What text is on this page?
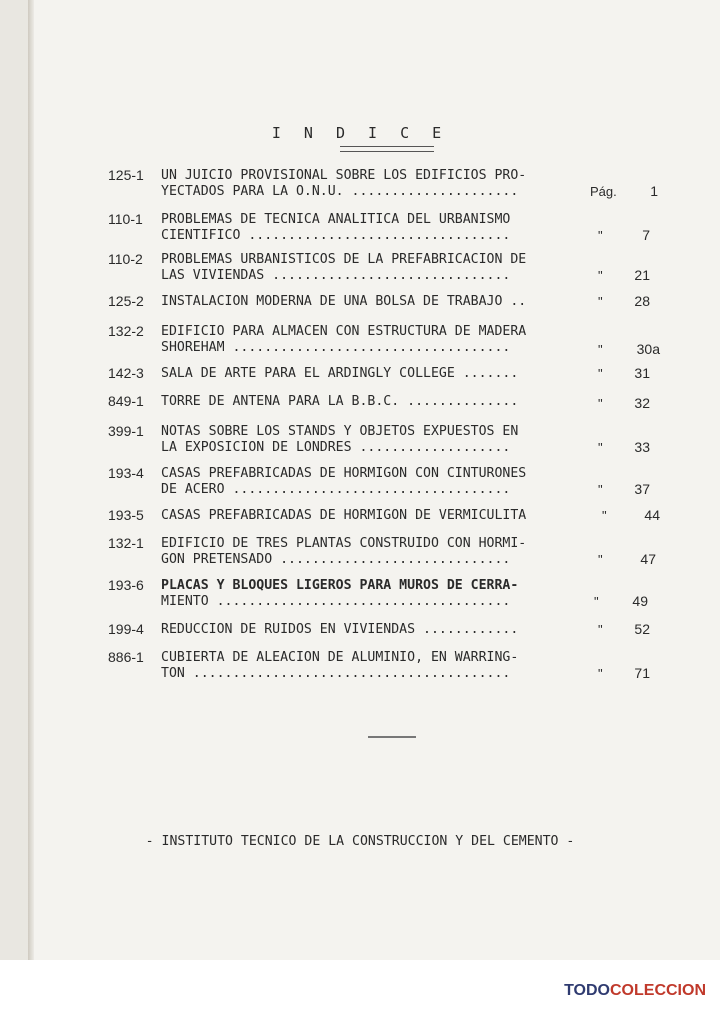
I N D I C E
125-1	UN JUICIO PROVISIONAL SOBRE LOS EDIFICIOS PRO-
YECTADOS PARA LA O.N.U. .....................	Pág.	1
110-1	PROBLEMAS DE TECNICA ANALITICA DEL URBANISMO
CIENTIFICO .................................	"	7
110-2	PROBLEMAS URBANISTICOS DE LA PREFABRICACION DE
LAS VIVIENDAS ..............................	"	21
125-2	INSTALACION MODERNA DE UNA BOLSA DE TRABAJO ..	"	28
132-2	EDIFICIO PARA ALMACEN CON ESTRUCTURA DE MADERA
SHOREHAM ...................................	"	30a
142-3	SALA DE ARTE PARA EL ARDINGLY COLLEGE .......	"	31
849-1	TORRE DE ANTENA PARA LA B.B.C. ..............	"	32
399-1	NOTAS SOBRE LOS STANDS Y OBJETOS EXPUESTOS EN
LA EXPOSICION DE LONDRES ...................	"	33
193-4	CASAS PREFABRICADAS DE HORMIGON CON CINTURONES
DE ACERO ...................................	"	37
193-5	CASAS PREFABRICADAS DE HORMIGON DE VERMICULITA	"	44
132-1	EDIFICIO DE TRES PLANTAS CONSTRUIDO CON HORMI-
GON PRETENSADO .............................	"	47
193-6	PLACAS Y BLOQUES LIGEROS PARA MUROS DE CERRA-
MIENTO .....................................	"	49
199-4	REDUCCION DE RUIDOS EN VIVIENDAS ............	"	52
886-1	CUBIERTA DE ALEACION DE ALUMINIO, EN WARRING-
TON ........................................	"	71
- INSTITUTO TECNICO DE LA CONSTRUCCION Y DEL CEMENTO -
TODOCOLECCION
